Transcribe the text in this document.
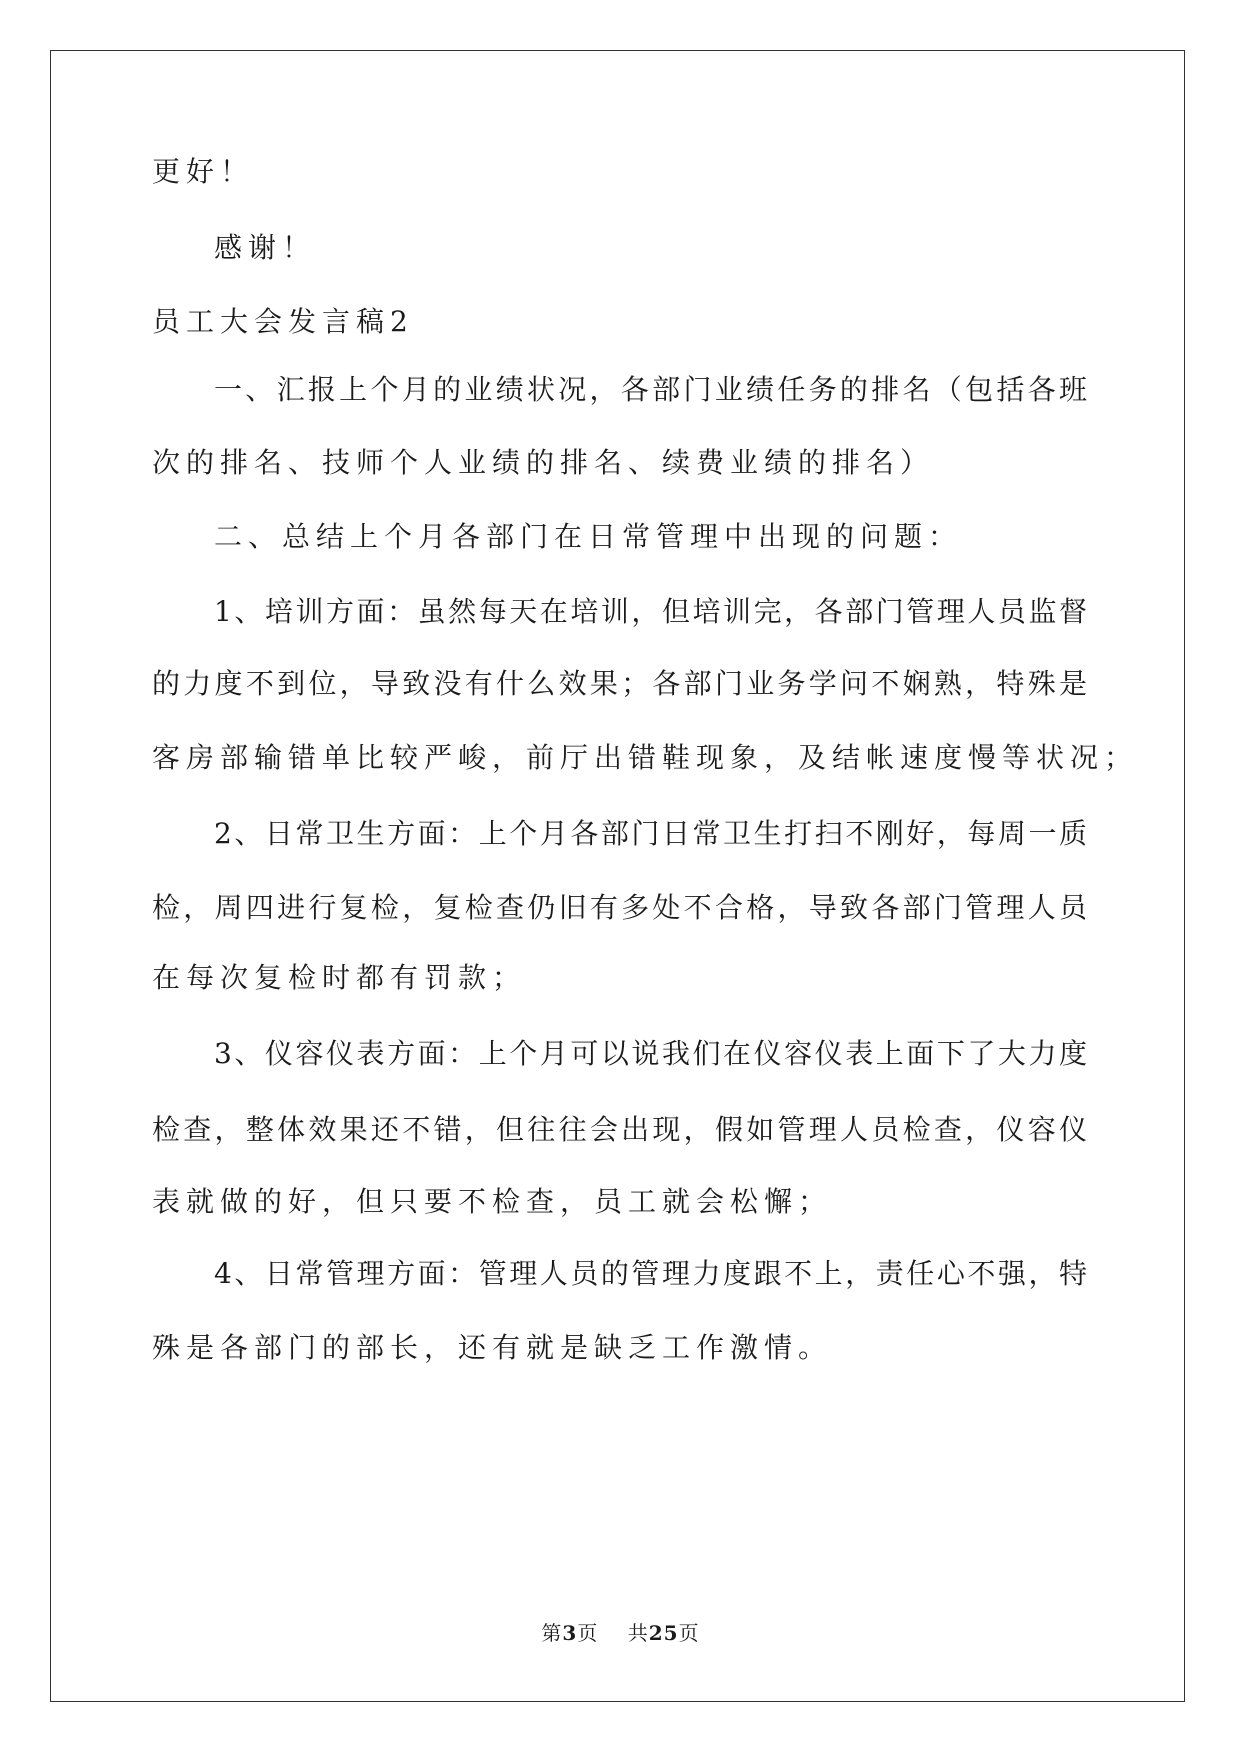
更好！
感谢！
员工大会发言稿2
一、汇报上个月的业绩状况，各部门业绩任务的排名（包括各班
次的排名、技师个人业绩的排名、续费业绩的排名）
二、总结上个月各部门在日常管理中出现的问题：
1、培训方面：虽然每天在培训，但培训完，各部门管理人员监督
的力度不到位，导致没有什么效果；各部门业务学问不娴熟，特殊是
客房部输错单比较严峻，前厅出错鞋现象，及结帐速度慢等状况；
2、日常卫生方面：上个月各部门日常卫生打扫不刚好，每周一质
检，周四进行复检，复检查仍旧有多处不合格，导致各部门管理人员
在每次复检时都有罚款；
3、仪容仪表方面：上个月可以说我们在仪容仪表上面下了大力度
检查，整体效果还不错，但往往会出现，假如管理人员检查，仪容仪
表就做的好，但只要不检查，员工就会松懈；
4、日常管理方面：管理人员的管理力度跟不上，责任心不强，特
殊是各部门的部长，还有就是缺乏工作激情。
第3页 共25页
